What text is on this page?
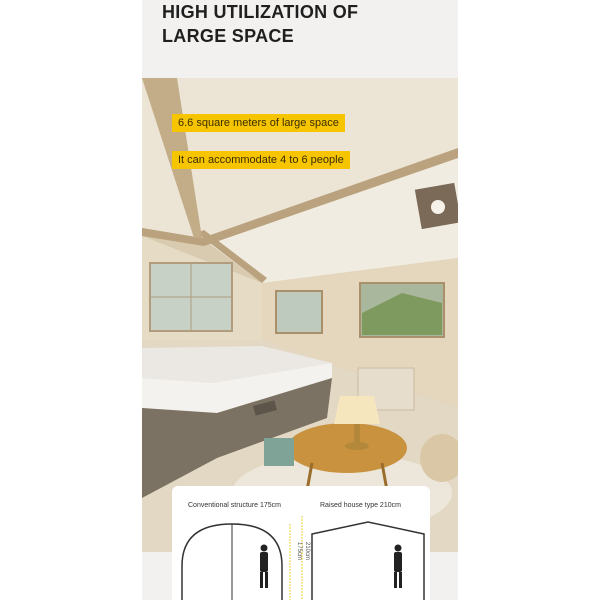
HIGH UTILIZATION OF
LARGE SPACE
6.6 square meters of large space
It can accommodate 4 to 6 people
Conventional structure 175cm	Raised house type 210cm
175cm 210cm
